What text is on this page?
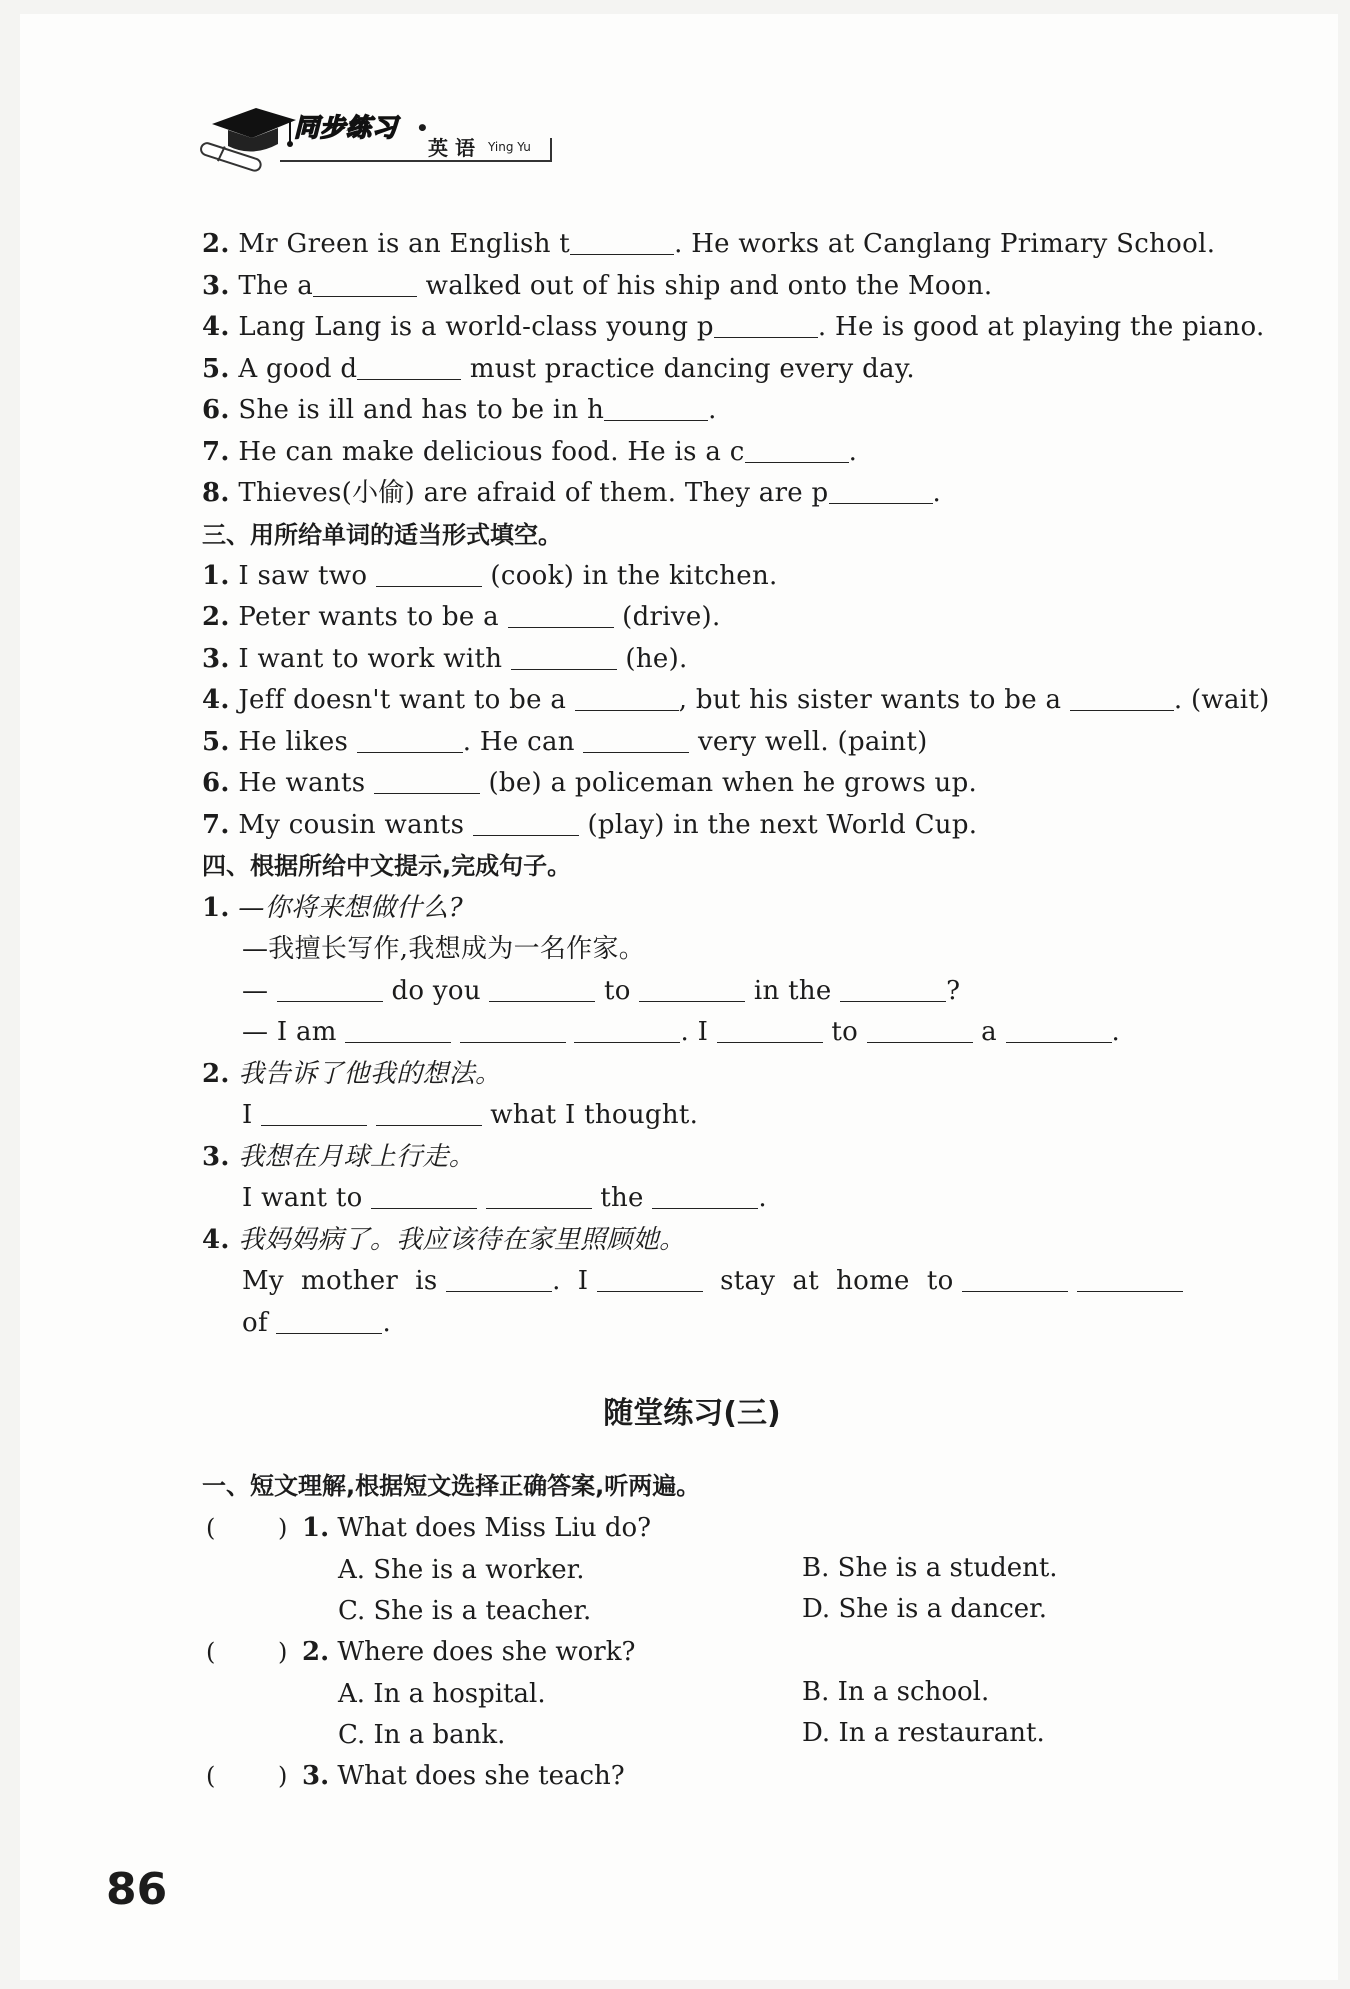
同步练习 •
英 语 Ying Yu
2. Mr Green is an English t	. He works at Canglang Primary School.
3. The a	walked out of his ship and onto the Moon.
4. Lang Lang is a world-class young p	. He is good at playing the piano.
5. A good d	must practice dancing every day.
6. She is ill and has to be in h	.
7. He can make delicious food. He is a c	.
8. Thieves(小偷) are afraid of them. They are p	.
三、用所给单词的适当形式填空。
1. I saw two	(cook) in the kitchen.
2. Peter wants to be a	(drive).
3. I want to work with	(he).
4. Jeff doesn't want to be a	, but his sister wants to be a	. (wait)
5. He likes	. He can	very well. (paint)
6. He wants	(be) a policeman when he grows up.
7. My cousin wants	(play) in the next World Cup.
四、根据所给中文提示,完成句子。
1. —你将来想做什么?
—我擅长写作,我想成为一名作家。
—	do you	to	in the	?
— I am	. I	to	a	.
2. 我告诉了他我的想法。
I	what I thought.
3. 我想在月球上行走。
I want to	the	.
4. 我妈妈病了。我应该待在家里照顾她。
My  mother  is	.  I	stay  at  home  to
of	.
随堂练习(三)
一、短文理解,根据短文选择正确答案,听两遍。
(	) 1. What does Miss Liu do?
A. She is a worker.	B. She is a student.
C. She is a teacher.	D. She is a dancer.
(	) 2. Where does she work?
A. In a hospital.	B. In a school.
C. In a bank.	D. In a restaurant.
(	) 3. What does she teach?
86
